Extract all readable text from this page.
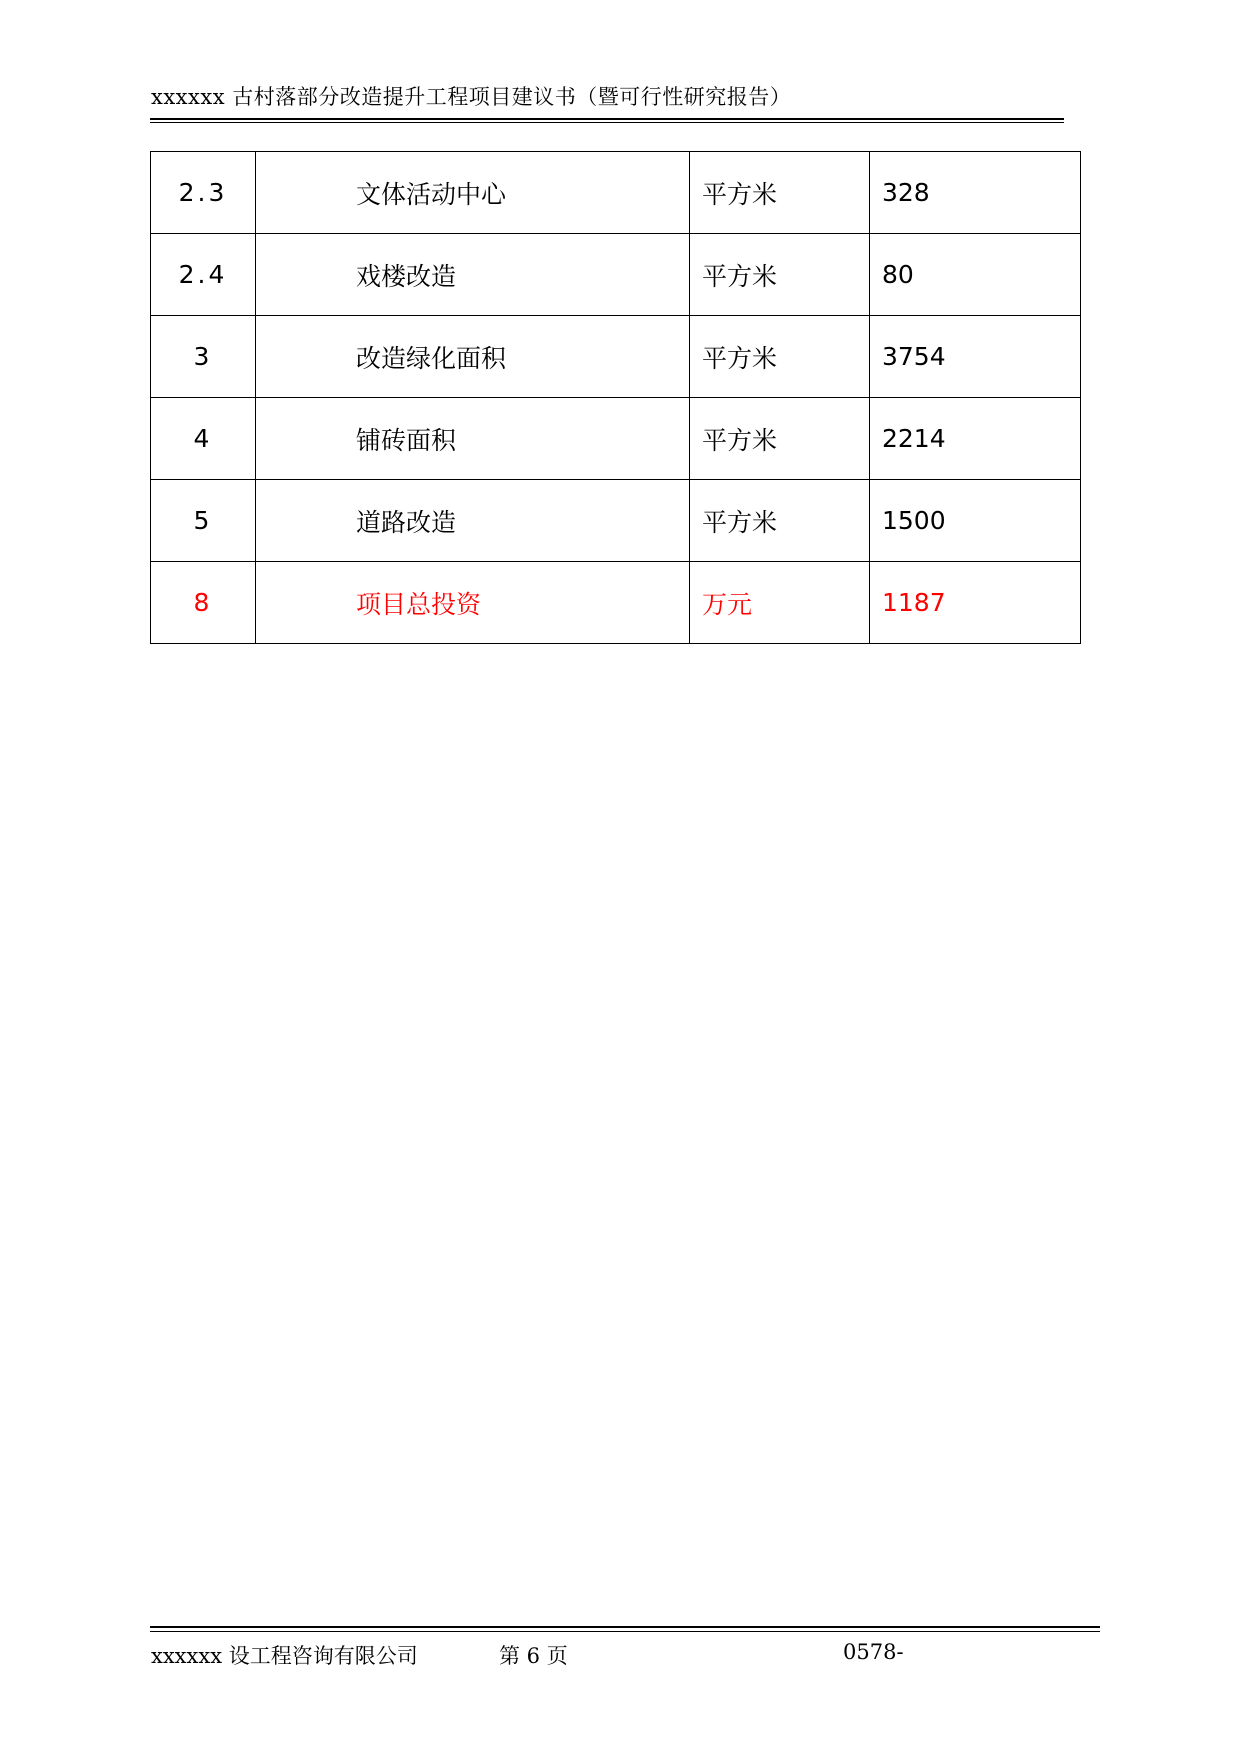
xxxxxx 古村落部分改造提升工程项目建议书（暨可行性研究报告）
2.3	文体活动中心	平方米	328
2.4	戏楼改造	平方米	80
3	改造绿化面积	平方米	3754
4	铺砖面积	平方米	2214
5	道路改造	平方米	1500
8	项目总投资	万元	1187
xxxxxx 设工程咨询有限公司	第 6 页	0578-
